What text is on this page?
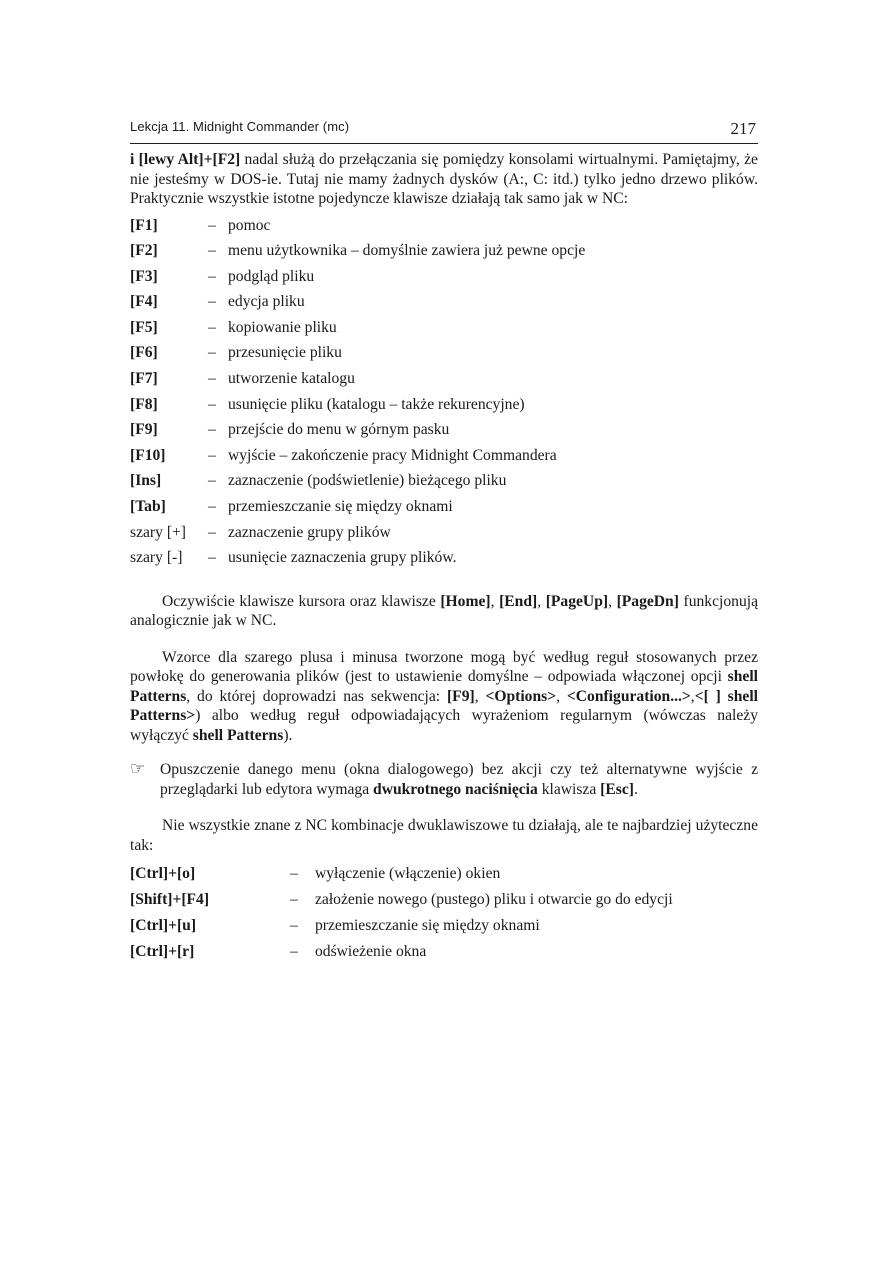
Lekcja 11. Midnight Commander (mc)	217

i [lewy Alt]+[F2] nadal służą do przełączania się pomiędzy konsolami wirtualnymi. Pamiętajmy, że nie jesteśmy w DOS-ie. Tutaj nie mamy żadnych dysków (A:, C: itd.) tylko jedno drzewo plików. Praktycznie wszystkie istotne pojedyncze klawisze działają tak samo jak w NC:

[F1]	– pomoc
[F2]	– menu użytkownika – domyślnie zawiera już pewne opcje
[F3]	– podgląd pliku
[F4]	– edycja pliku
[F5]	– kopiowanie pliku
[F6]	– przesunięcie pliku
[F7]	– utworzenie katalogu
[F8]	– usunięcie pliku (katalogu – także rekurencyjne)
[F9]	– przejście do menu w górnym pasku
[F10]	– wyjście – zakończenie pracy Midnight Commandera
[Ins]	– zaznaczenie (podświetlenie) bieżącego pliku
[Tab]	– przemieszczanie się między oknami
szary [+]	– zaznaczenie grupy plików
szary [-]	– usunięcie zaznaczenia grupy plików.

Oczywiście klawisze kursora oraz klawisze [Home], [End], [PageUp], [PageDn] funkcjonują analogicznie jak w NC.

Wzorce dla szarego plusa i minusa tworzone mogą być według reguł stosowanych przez powłokę do generowania plików (jest to ustawienie domyślne – odpowiada włączonej opcji shell Patterns, do której doprowadzi nas sekwencja: [F9], <Options>, <Configuration...>,<[ ] shell Patterns>) albo według reguł odpowiadających wyrażeniom regularnym (wówczas należy wyłączyć shell Patterns).

☞ Opuszczenie danego menu (okna dialogowego) bez akcji czy też alternatywne wyjście z przeglądarki lub edytora wymaga dwukrotnego naciśnięcia klawisza [Esc].

Nie wszystkie znane z NC kombinacje dwuklawiszowe tu działają, ale te najbardziej użyteczne tak:

[Ctrl]+[o]	–	wyłączenie (włączenie) okien
[Shift]+[F4]	–	założenie nowego (pustego) pliku i otwarcie go do edycji
[Ctrl]+[u]	–	przemieszczanie się między oknami
[Ctrl]+[r]	–	odświeżenie okna
